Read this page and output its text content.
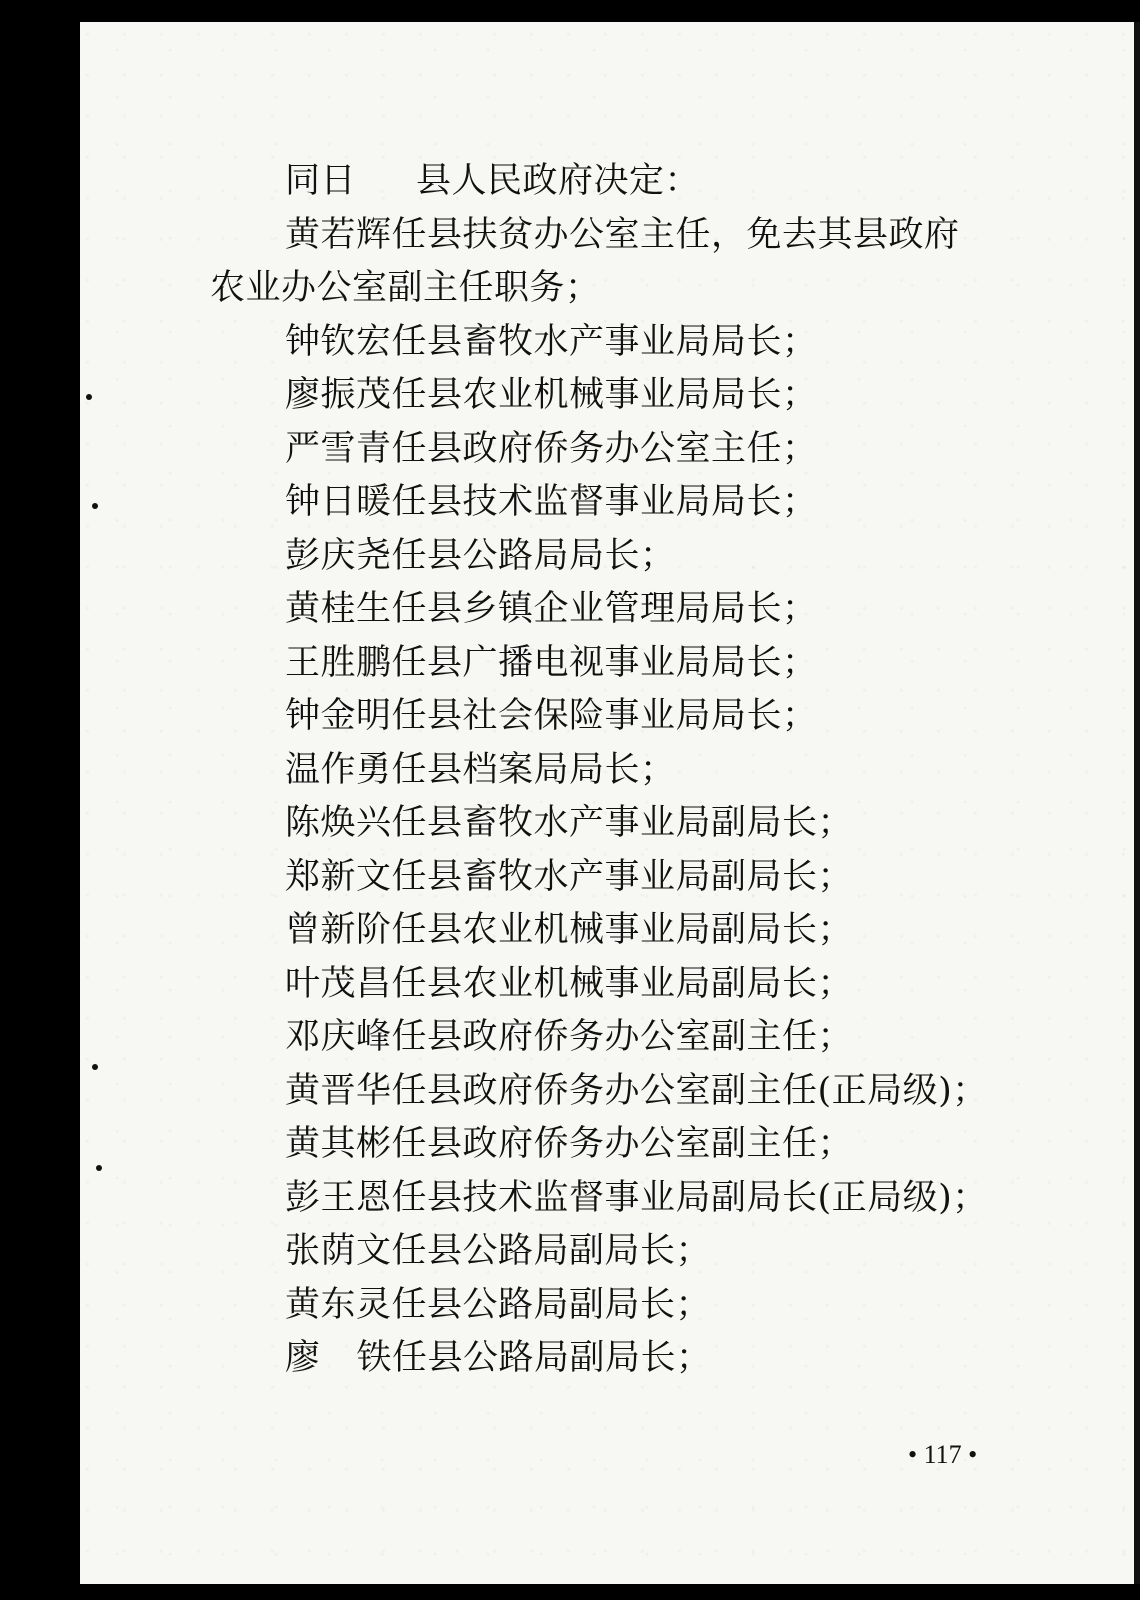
同日 县人民政府决定：
黄若辉任县扶贫办公室主任，免去其县政府
农业办公室副主任职务；
钟钦宏任县畜牧水产事业局局长；
廖振茂任县农业机械事业局局长；
严雪青任县政府侨务办公室主任；
钟日暖任县技术监督事业局局长；
彭庆尧任县公路局局长；
黄桂生任县乡镇企业管理局局长；
王胜鹏任县广播电视事业局局长；
钟金明任县社会保险事业局局长；
温作勇任县档案局局长；
陈焕兴任县畜牧水产事业局副局长；
郑新文任县畜牧水产事业局副局长；
曾新阶任县农业机械事业局副局长；
叶茂昌任县农业机械事业局副局长；
邓庆峰任县政府侨务办公室副主任；
黄晋华任县政府侨务办公室副主任(正局级)；
黄其彬任县政府侨务办公室副主任；
彭王恩任县技术监督事业局副局长(正局级)；
张荫文任县公路局副局长；
黄东灵任县公路局副局长；
廖 铁任县公路局副局长；
• 117 •
